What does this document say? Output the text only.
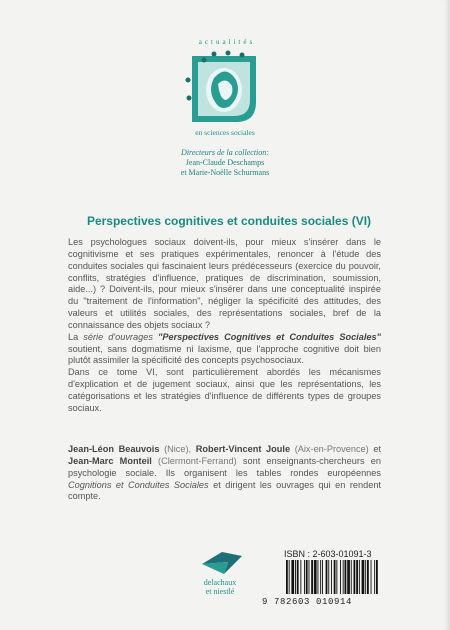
actualités
en sciences sociales
Directeurs de la collection:
Jean-Claude Deschamps
et Marie-Noëlle Schurmans
Perspectives cognitives et conduites sociales (VI)

Les psychologues sociaux doivent-ils, pour mieux s'insérer dans le cognitivisme et ses pratiques expérimentales, renoncer à l'étude des conduites sociales qui fascinaient leurs prédécesseurs (exercice du pouvoir, conflits, stratégies d'influence, pratiques de discrimination, soumission, aide...) ? Doivent-ils, pour mieux s'insérer dans une conceptualité inspirée du "traitement de l'information", négliger la spécificité des attitudes, des valeurs et utilités sociales, des représentations sociales, bref de la connaissance des objets sociaux ?

La série d'ouvrages "Perspectives Cognitives et Conduites Sociales" soutient, sans dogmatisme ni laxisme, que l'approche cognitive doit bien plutôt assimiler la spécificité des concepts psychosociaux.

Dans ce tome VI, sont particulièrement abordés les mécanismes d'explication et de jugement sociaux, ainsi que les représentations, les catégorisations et les stratégies d'influence de différents types de groupes sociaux.

Jean-Léon Beauvois (Nice), Robert-Vincent Joule (Aix-en-Provence) et Jean-Marc Monteil (Clermont-Ferrand) sont enseignants-chercheurs en psychologie sociale. Ils organisent les tables rondes européennes Cognitions et Conduites Sociales et dirigent les ouvrages qui en rendent compte.
delachaux
et niestlé
ISBN : 2-603-01091-3
9 782603 010914
